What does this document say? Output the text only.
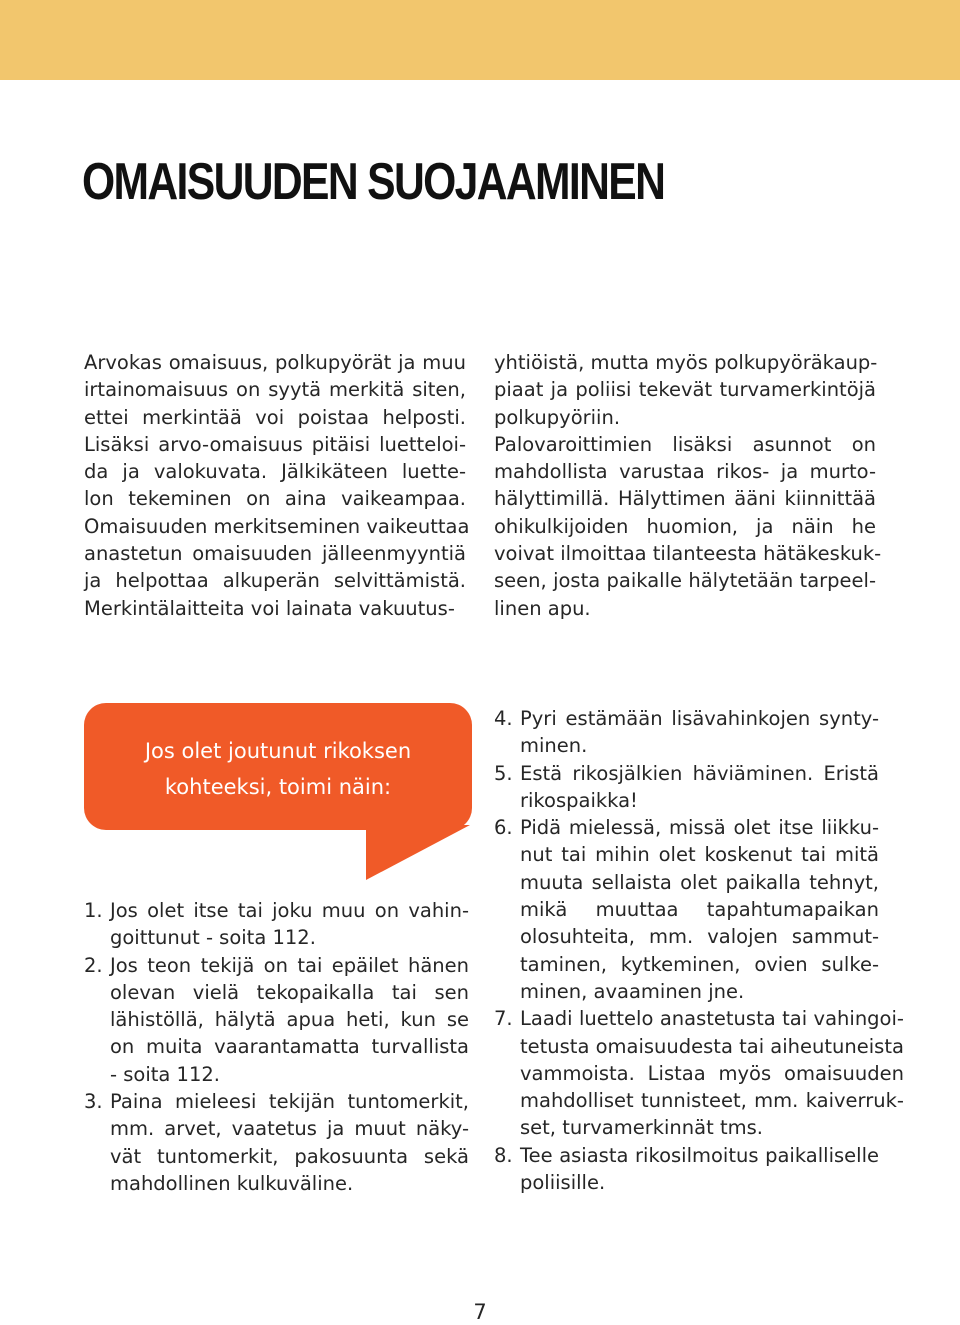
OMAISUUDEN SUOJAAMINEN
Arvokas omaisuus, polkupyörät ja muu
irtainomaisuus on syytä merkitä siten,
ettei merkintää voi poistaa helposti.
Lisäksi arvo-omaisuus pitäisi luetteloi-
da ja valokuvata. Jälkikäteen luette-
lon tekeminen on aina vaikeampaa.
Omaisuuden merkitseminen vaikeuttaa
anastetun omaisuuden jälleenmyyntiä
ja helpottaa alkuperän selvittämistä.
Merkintälaitteita voi lainata vakuutus-
yhtiöistä, mutta myös polkupyöräkaup-
piaat ja poliisi tekevät turvamerkintöjä
polkupyöriin.
Palovaroittimien lisäksi asunnot on
mahdollista varustaa rikos- ja murto-
hälyttimillä. Hälyttimen ääni kiinnittää
ohikulkijoiden huomion, ja näin he
voivat ilmoittaa tilanteesta hätäkeskuk-
seen, josta paikalle hälytetään tarpeel-
linen apu.
Jos olet joutunut rikoksen
kohteeksi, toimi näin:
1. Jos olet itse tai joku muu on vahin-
goittunut - soita 112.
2. Jos teon tekijä on tai epäilet hänen
olevan vielä tekopaikalla tai sen
lähistöllä, hälytä apua heti, kun se
on muita vaarantamatta turvallista
- soita 112.
3. Paina mieleesi tekijän tuntomerkit,
mm. arvet, vaatetus ja muut näky-
vät tuntomerkit, pakosuunta sekä
mahdollinen kulkuväline.
4. Pyri estämään lisävahinkojen synty-
minen.
5. Estä rikosjälkien häviäminen. Eristä
rikospaikka!
6. Pidä mielessä, missä olet itse liikku-
nut tai mihin olet koskenut tai mitä
muuta sellaista olet paikalla tehnyt,
mikä muuttaa tapahtumapaikan
olosuhteita, mm. valojen sammut-
taminen, kytkeminen, ovien sulke-
minen, avaaminen jne.
7. Laadi luettelo anastetusta tai vahingoi-
tetusta omaisuudesta tai aiheutuneista
vammoista. Listaa myös omaisuuden
mahdolliset tunnisteet, mm. kaiverruk-
set, turvamerkinnät tms.
8. Tee asiasta rikosilmoitus paikalliselle
poliisille.
7
